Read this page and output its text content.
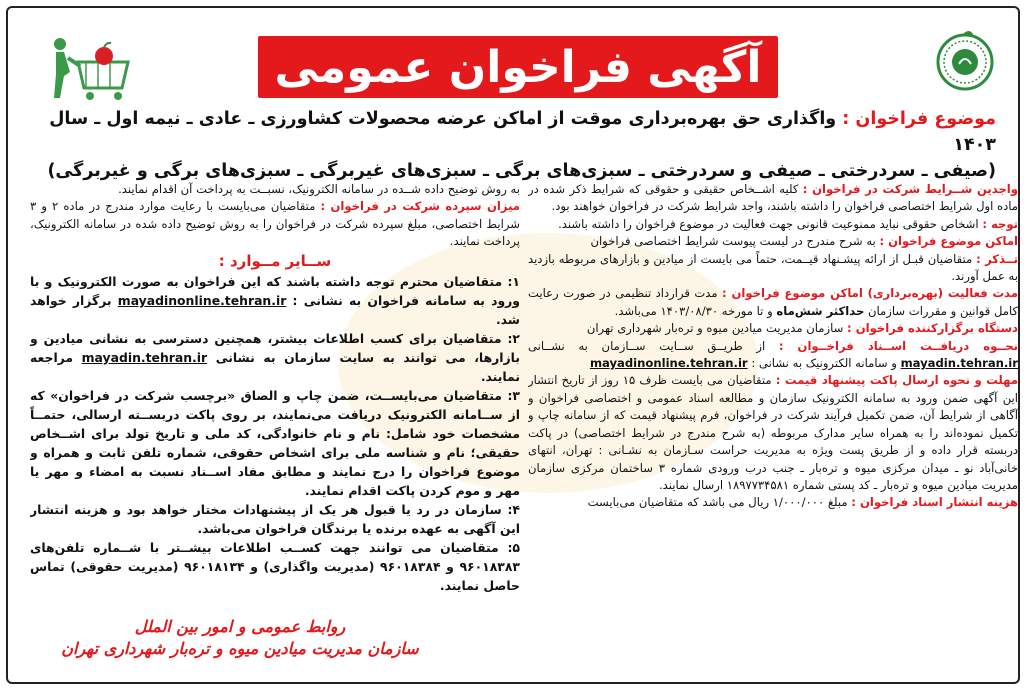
آگهی فراخوان عمومی
موضوع فراخوان : واگذاری حق بهره‌برداری موقت از اماکن عرضه محصولات کشاورزی ـ عادی ـ نیمه اول ـ سال ۱۴۰۳
(صیفی ـ سردرختی ـ صیفی و سردرختی ـ سبزی‌های برگی ـ سبزی‌های غیربرگی ـ سبزی‌های برگی و غیربرگی)

واجدین شــرایط شرکت در فراخوان : کلیه اشــخاص حقیقی و حقوقی که شرایط ذکر شده در ماده اول شرایط اختصاصی فراخوان را داشته باشند، واجد شرایط شرکت در فراخوان خواهند بود.

توجه : اشخاص حقوقی نباید ممنوعیت قانونی جهت فعالیت در موضوع فراخوان را داشته باشند.

اماکن موضوع فراخوان : به شرح مندرج در لیست پیوست شرایط اختصاصی فراخوان

تــذکر : متقاضیان قبـل از ارائه پیشـنهاد قیــمت، حتماً می بایست از میادین و بازارهای مربوطه بازدید به عمل آورند.

مدت فعالیت (بهره‌برداری) اماکن موضوع فراخوان : مدت قرارداد تنظیمی در صورت رعایت کامل قوانین و مقررات سازمان حداکثر شش‌ماه و تا مورخه ۱۴۰۳/۰۸/۳۰ می‌باشد.

دستگاه برگزارکننده فراخوان : سازمان مدیریت میادین میوه و تره‌بار شهرداری تهران

نحــوه دریافــت اســناد فراخــوان : از طریــق ســایت ســازمان به نشــانی mayadin.tehran.ir و سامانه الکترونیک به نشانی : mayadinonline.tehran.ir

مهلت و نحوه ارسال پاکت پیشنهاد قیمت : متقاضیان می بایست ظرف ۱۵ روز از تاریخ انتشار این آگهی ضمن ورود به سامانه الکترونیک سازمان و مطالعه اسناد عمومی و اختصاصی فراخوان و آگاهی از شرایط آن، ضمن تکمیل فرآیند شرکت در فراخوان، فرم پیشنهاد قیمت که از سامانه چاپ و تکمیل نموده‌اند را به همراه سایر مدارک مربوطه (به شرح مندرج در شرایط اختصاصی) در پاکت دربسته قرار داده و از طریق پست ویژه به مدیریت حراست سـازمان به نشـانی : تهران، انتهای خانی‌آباد نو ـ میدان مرکزی میوه و تره‌بار ـ جنب درب ورودی شماره ۳ ساختمان مرکزی سازمان مدیریت میادین میوه و تره‌بار ـ کد پستی شماره ۱۸۹۷۷۳۴۵۸۱ ارسال نمایند.

هزینه انتشار اسناد فراخوان : مبلغ ۱/۰۰۰/۰۰۰ ریال می باشد که متقاضیان می‌بایست

به روش توضیح داده شــده در سامانه الکترونیک، نسبــت به پرداخت آن اقدام نمایند.

میزان سپرده شرکت در فراخوان : متقاضیان می‌بایست با رعایت موارد مندرج در ماده ۲ و ۳ شرایط اختصاصی، مبلغ سپرده شرکت در فراخوان را به روش توضیح داده شده در سامانه الکترونیک، پرداخت نمایند.

ســایر مــوارد :

۱: متقاضیان محترم توجه داشته باشند که این فراخوان به صورت الکترونیک و با ورود به سامانه فراخوان به نشانی : mayadinonline.tehran.ir برگزار خواهد شد.

۲: متقاضیان برای کسب اطلاعات بیشتر، همچنین دسترسی به نشانی میادین و بازارها، می توانند به سایت سازمان به نشانی mayadin.tehran.ir مراجعه نمایند.

۳: متقاضیان می‌بایســت، ضمن چاپ و الصاق «برچسب شرکت در فراخوان» که از ســامانه الکترونیک دریافت می‌نمایند، بر روی پاکت دربســته ارسالی، حتمــاً مشخصات خود شامل: نام و نام خانوادگی، کد ملی و تاریخ تولد برای اشــخاص حقیقی؛ نام و شناسه ملی برای اشخاص حقوقی، شماره تلفن ثابت و همراه و موضوع فراخوان را درج نمایند و مطابق مفاد اســناد نسبت به امضاء و مهر یا مهر و موم کردن پاکت اقدام نمایند.

۴: سازمان در رد یا قبول هر یک از پیشنهادات مختار خواهد بود و هزینه انتشار این آگهی به عهده برنده یا برندگان فراخوان می‌باشد.

۵: متقاضیان می توانند جهت کســب اطلاعات بیشــتر با شــماره تلفن‌های ۹۶۰۱۸۳۸۳ و ۹۶۰۱۸۳۸۴ (مدیریت واگذاری) و ۹۶۰۱۸۱۳۴ (مدیریت حقوقی) تماس حاصل نمایند.

روابط عمومی و امور بین الملل
سازمان مدیریت میادین میوه و تره‌بار شهرداری تهران
